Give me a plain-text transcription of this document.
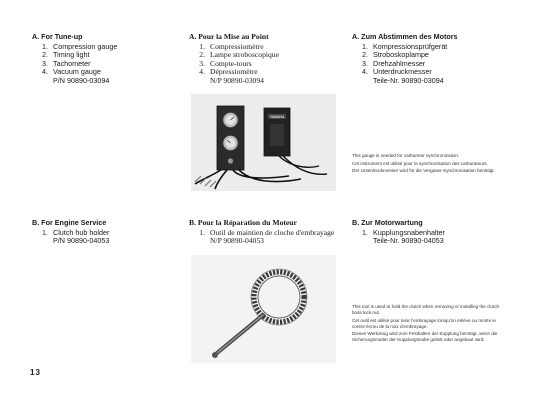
A. For Tune-up
1. Compression gauge
2. Timing light
3. Tachometer
4. Vacuum gauge
P/N 90890-03094
A. Pour la Mise au Point
1. Compressiomètre
2. Lampe stroboscopique
3. Compte-tours
4. Dépressiomètre
N/P 90890-03094
A. Zum Abstimmen des Motors
1. Kompressionsprüfgerät
2. Stroboskoplampe
3. Drehzahlmesser
4. Unterdruckmesser
Teile-Nr. 90890-03094
YAMAHA

This gauge is needed for carburetor synchronization.

Cet instrument est utilisé pour la synchronisation des carburateurs.

Der Unterdruckmesser wird für die Vergaser-Synchronisation benötigt.

B. For Engine Service
1. Clutch hub holder
P/N 90890-04053
B. Pour la Réparation du Moteur
1. Outil de maintien de cloche d'embrayage
N/P 90890-04053
B. Zur Motorwartung
1. Kupplungsnabenhalter
Teile-Nr. 90890-04053

This tool is used to hold the clutch when removing or installing the clutch boss lock nut.

Cet outil est utilisé pour tenir l'embrayage lorsqu'on enlève ou monte le contre-écrou de la noix d'embrayage.

Dieses Werkzeug wird zum Festhalten der Kupplung benötigt, wenn die Sicherungsmutter der Kupplungsnabe gelöst oder angebaut wird.

13
